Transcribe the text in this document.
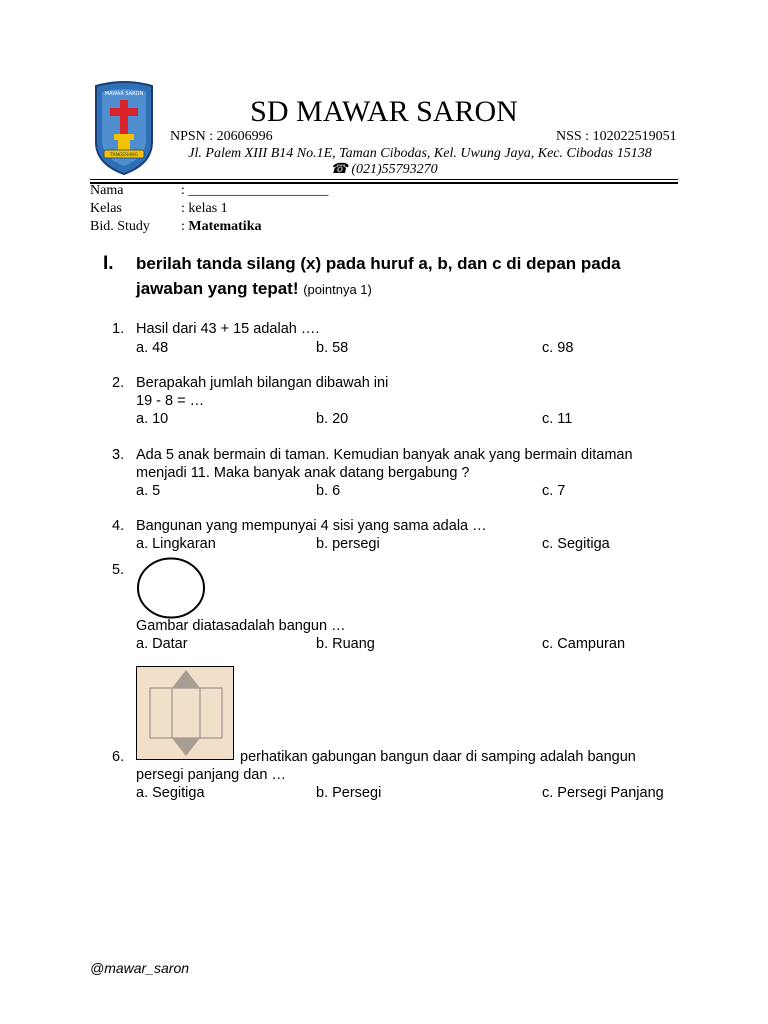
MAWAR SARON
TANGERANG
SD MAWAR SARON
NPSN : 20606996	NSS : 102022519051
Jl. Palem XIII B14 No.1E, Taman Cibodas, Kel. Uwung Jaya, Kec. Cibodas 15138
☎ (021)55793270
Nama	: ____________________
Kelas	: kelas 1
Bid. Study : Matematika
I. berilah tanda silang (x) pada huruf a, b, dan c di depan pada
jawaban yang tepat! (pointnya 1)
1. Hasil dari 43 + 15 adalah ….
a. 48	b. 58	c. 98
2. Berapakah jumlah bilangan dibawah ini
19 - 8 = …
a. 10	b. 20	c. 11
3. Ada 5 anak bermain di taman. Kemudian banyak anak yang bermain ditaman
menjadi 11. Maka banyak anak datang bergabung ?
a. 5	b. 6	c. 7
4. Bangunan yang mempunyai 4 sisi yang sama adala …
a. Lingkaran	b. persegi	c. Segitiga
5.
Gambar diatasadalah bangun …
a. Datar	b. Ruang	c. Campuran
6.	perhatikan gabungan bangun daar di samping adalah bangun
persegi panjang dan …
a. Segitiga	b. Persegi	c. Persegi Panjang
@mawar_saron
